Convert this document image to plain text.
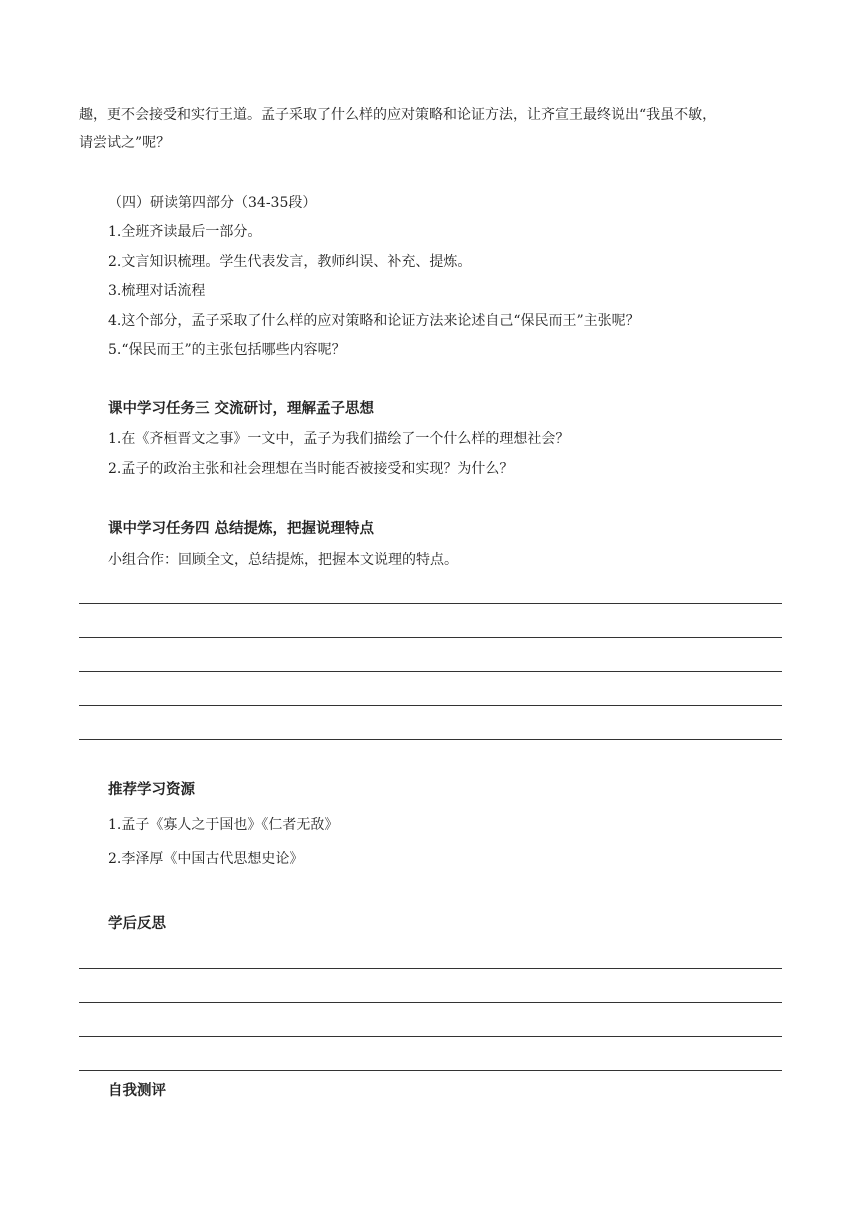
趣，更不会接受和实行王道。孟子采取了什么样的应对策略和论证方法，让齐宣王最终说出“我虽不敏，
请尝试之”呢？
（四）研读第四部分（34-35段）
1.全班齐读最后一部分。
2.文言知识梳理。学生代表发言，教师纠误、补充、提炼。
3.梳理对话流程
4.这个部分，孟子采取了什么样的应对策略和论证方法来论述自己“保民而王”主张呢？
5.“保民而王”的主张包括哪些内容呢？
课中学习任务三 交流研讨，理解孟子思想
1.在《齐桓晋文之事》一文中，孟子为我们描绘了一个什么样的理想社会？
2.孟子的政治主张和社会理想在当时能否被接受和实现？为什么？
课中学习任务四 总结提炼，把握说理特点
小组合作：回顾全文，总结提炼，把握本文说理的特点。
推荐学习资源
1.孟子《寡人之于国也》《仁者无敌》
2.李泽厚《中国古代思想史论》
学后反思
自我测评
